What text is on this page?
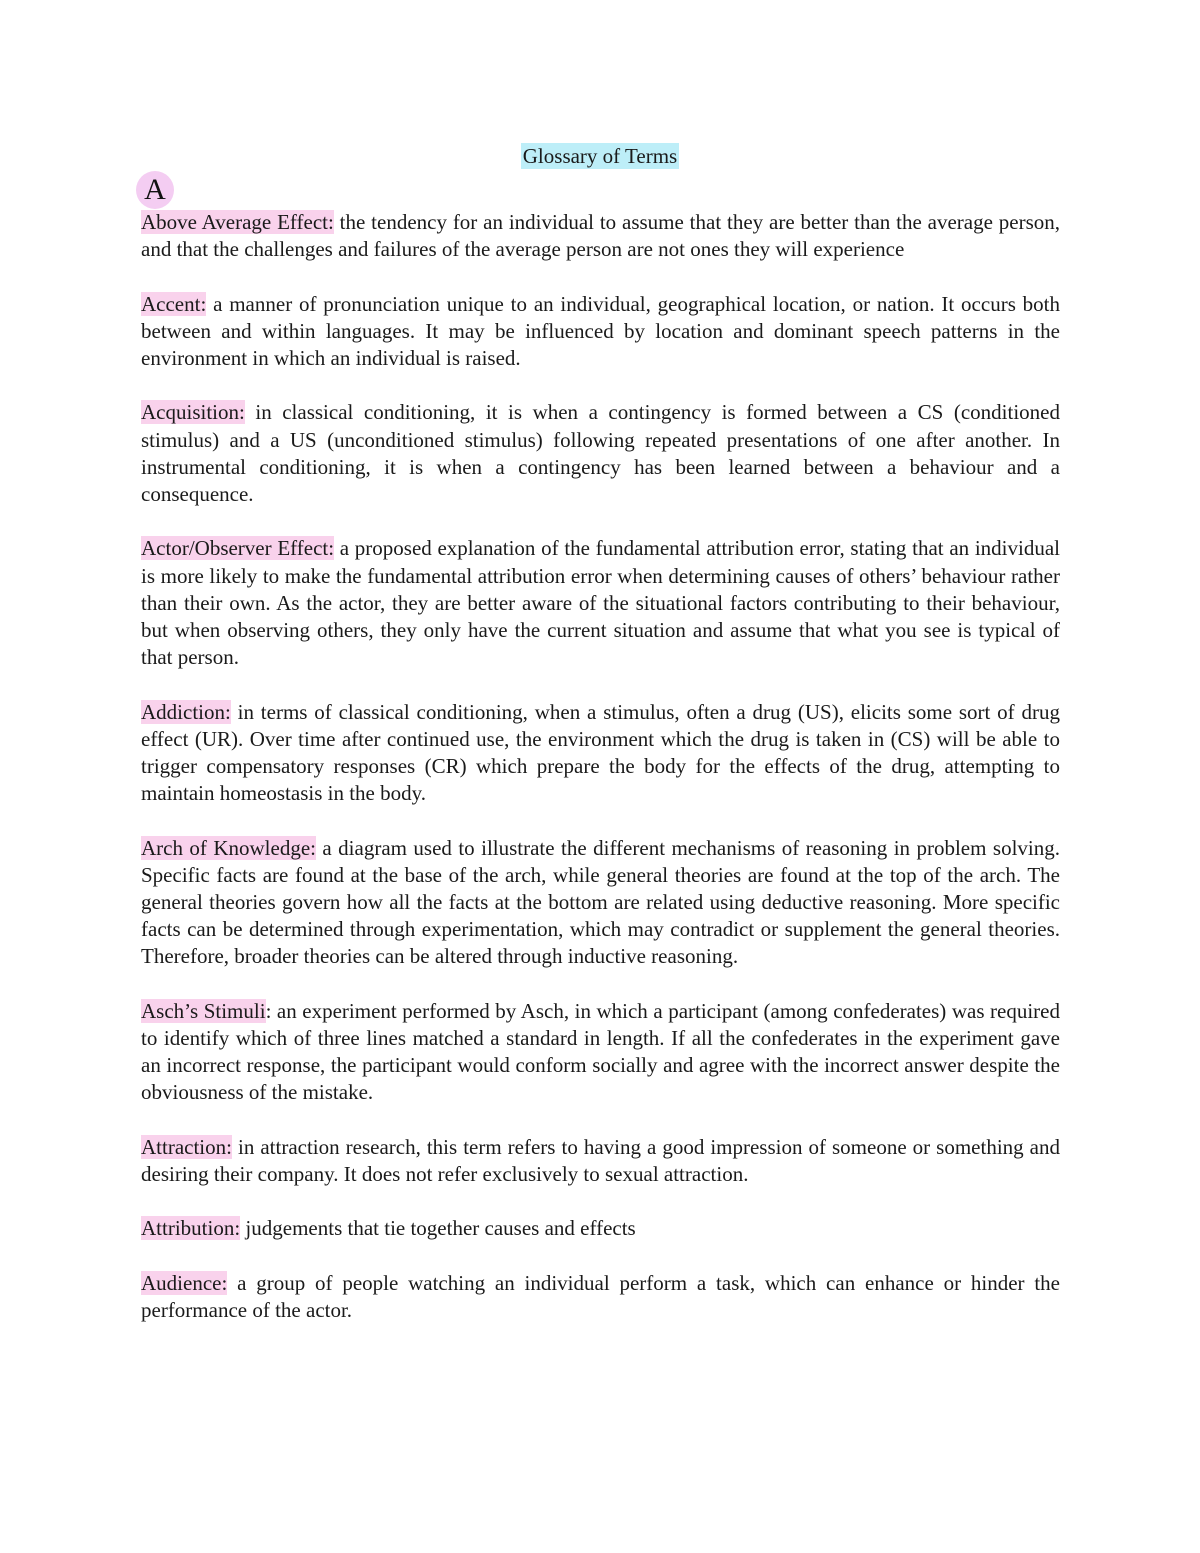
Glossary of Terms
A

Above Average Effect: the tendency for an individual to assume that they are better than the average person, and that the challenges and failures of the average person are not ones they will experience

Accent: a manner of pronunciation unique to an individual, geographical location, or nation. It occurs both between and within languages. It may be influenced by location and dominant speech patterns in the environment in which an individual is raised.

Acquisition: in classical conditioning, it is when a contingency is formed between a CS (conditioned stimulus) and a US (unconditioned stimulus) following repeated presentations of one after another. In instrumental conditioning, it is when a contingency has been learned between a behaviour and a consequence.

Actor/Observer Effect: a proposed explanation of the fundamental attribution error, stating that an individual is more likely to make the fundamental attribution error when determining causes of others’ behaviour rather than their own. As the actor, they are better aware of the situational factors contributing to their behaviour, but when observing others, they only have the current situation and assume that what you see is typical of that person.

Addiction: in terms of classical conditioning, when a stimulus, often a drug (US), elicits some sort of drug effect (UR). Over time after continued use, the environment which the drug is taken in (CS) will be able to trigger compensatory responses (CR) which prepare the body for the effects of the drug, attempting to maintain homeostasis in the body.

Arch of Knowledge: a diagram used to illustrate the different mechanisms of reasoning in problem solving. Specific facts are found at the base of the arch, while general theories are found at the top of the arch. The general theories govern how all the facts at the bottom are related using deductive reasoning. More specific facts can be determined through experimentation, which may contradict or supplement the general theories. Therefore, broader theories can be altered through inductive reasoning.

Asch’s Stimuli: an experiment performed by Asch, in which a participant (among confederates) was required to identify which of three lines matched a standard in length. If all the confederates in the experiment gave an incorrect response, the participant would conform socially and agree with the incorrect answer despite the obviousness of the mistake.

Attraction: in attraction research, this term refers to having a good impression of someone or something and desiring their company. It does not refer exclusively to sexual attraction.

Attribution: judgements that tie together causes and effects

Audience: a group of people watching an individual perform a task, which can enhance or hinder the performance of the actor.
